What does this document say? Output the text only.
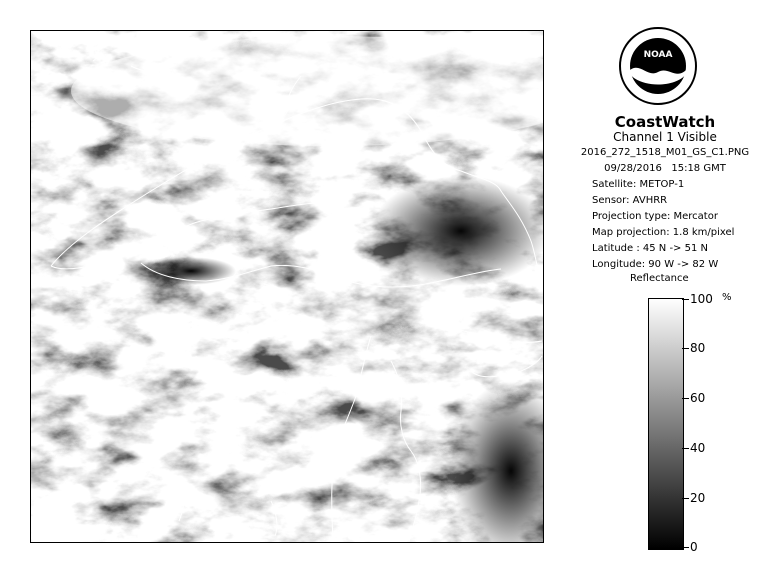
NOAA
CoastWatch
Channel 1 Visible
2016_272_1518_M01_GS_C1.PNG
09/28/2016   15:18 GMT
Satellite: METOP-1
Sensor: AVHRR
Projection type: Mercator
Map projection: 1.8 km/pixel
Latitude : 45 N -> 51 N
Longitude: 90 W -> 82 W
Reflectance
%
100
80
60
40
20
0
